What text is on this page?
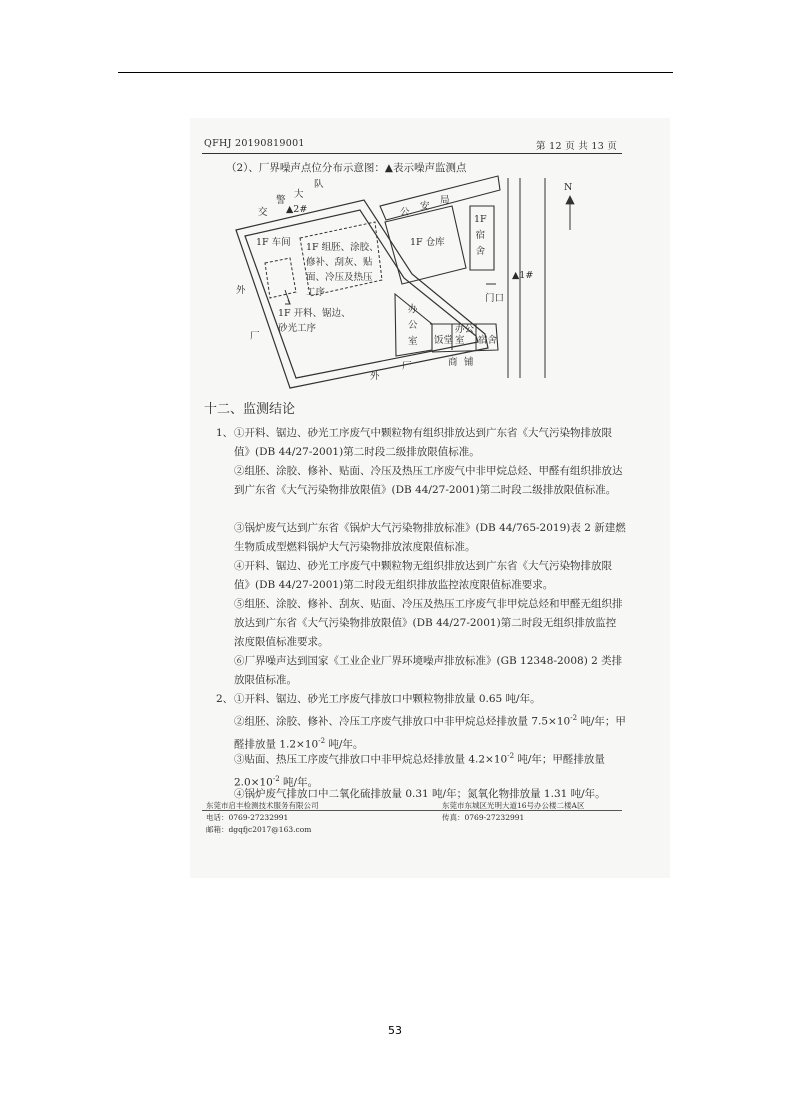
QFHJ 20190819001	第 12 页 共 13 页
（2）、厂界噪声点位分布示意图：▲表示噪声监测点
交
警
大
队
▲2#	公
安
局
1F 车间 1F 组胚、涂胶、
修补、刮灰、贴
面、冷压及热压
工序
1F 开料、锯边、
砂光工序
1F 仓库
1F
宿
舍
▲1#
门口
N
办
公
室 饭堂
办公
室	宿舍
外
厂
厂
外
商 铺
十二、监测结论
1、 ①开料、锯边、砂光工序废气中颗粒物有组织排放达到广东省《大气污染物排放限值》(DB 44/27-2001)第二时段二级排放限值标准。
②组胚、涂胶、修补、贴面、冷压及热压工序废气中非甲烷总烃、甲醛有组织排放达到广东省《大气污染物排放限值》(DB 44/27-2001)第二时段二级排放限值标准。
③锅炉废气达到广东省《锅炉大气污染物排放标准》(DB 44/765-2019)表 2 新建燃生物质成型燃料锅炉大气污染物排放浓度限值标准。
④开料、锯边、砂光工序废气中颗粒物无组织排放达到广东省《大气污染物排放限值》(DB 44/27-2001)第二时段无组织排放监控浓度限值标准要求。
⑤组胚、涂胶、修补、刮灰、贴面、冷压及热压工序废气非甲烷总烃和甲醛无组织排放达到广东省《大气污染物排放限值》(DB 44/27-2001)第二时段无组织排放监控浓度限值标准要求。
⑥厂界噪声达到国家《工业企业厂界环境噪声排放标准》(GB 12348-2008) 2 类排放限值标准。
2、 ①开料、锯边、砂光工序废气排放口中颗粒物排放量 0.65 吨/年。
②组胚、涂胶、修补、冷压工序废气排放口中非甲烷总烃排放量 $7.5\times 10^{-2}$ 吨/年；甲醛排放量 $1.2\times 10^{-2}$ 吨/年。
③贴面、热压工序废气排放口中非甲烷总烃排放量 $4.2\times 10^{-2}$ 吨/年；甲醛排放量 $2.0\times 10^{-2}$ 吨/年。
④锅炉废气排放口中二氧化硫排放量 0.31 吨/年；氮氧化物排放量 1.31 吨/年。
东莞市启丰检测技术服务有限公司
电话：0769-27232991
邮箱：dgqfjc2017@163.com
东莞市东城区光明大道16号办公楼二楼A区
传真：0769-27232991
53
